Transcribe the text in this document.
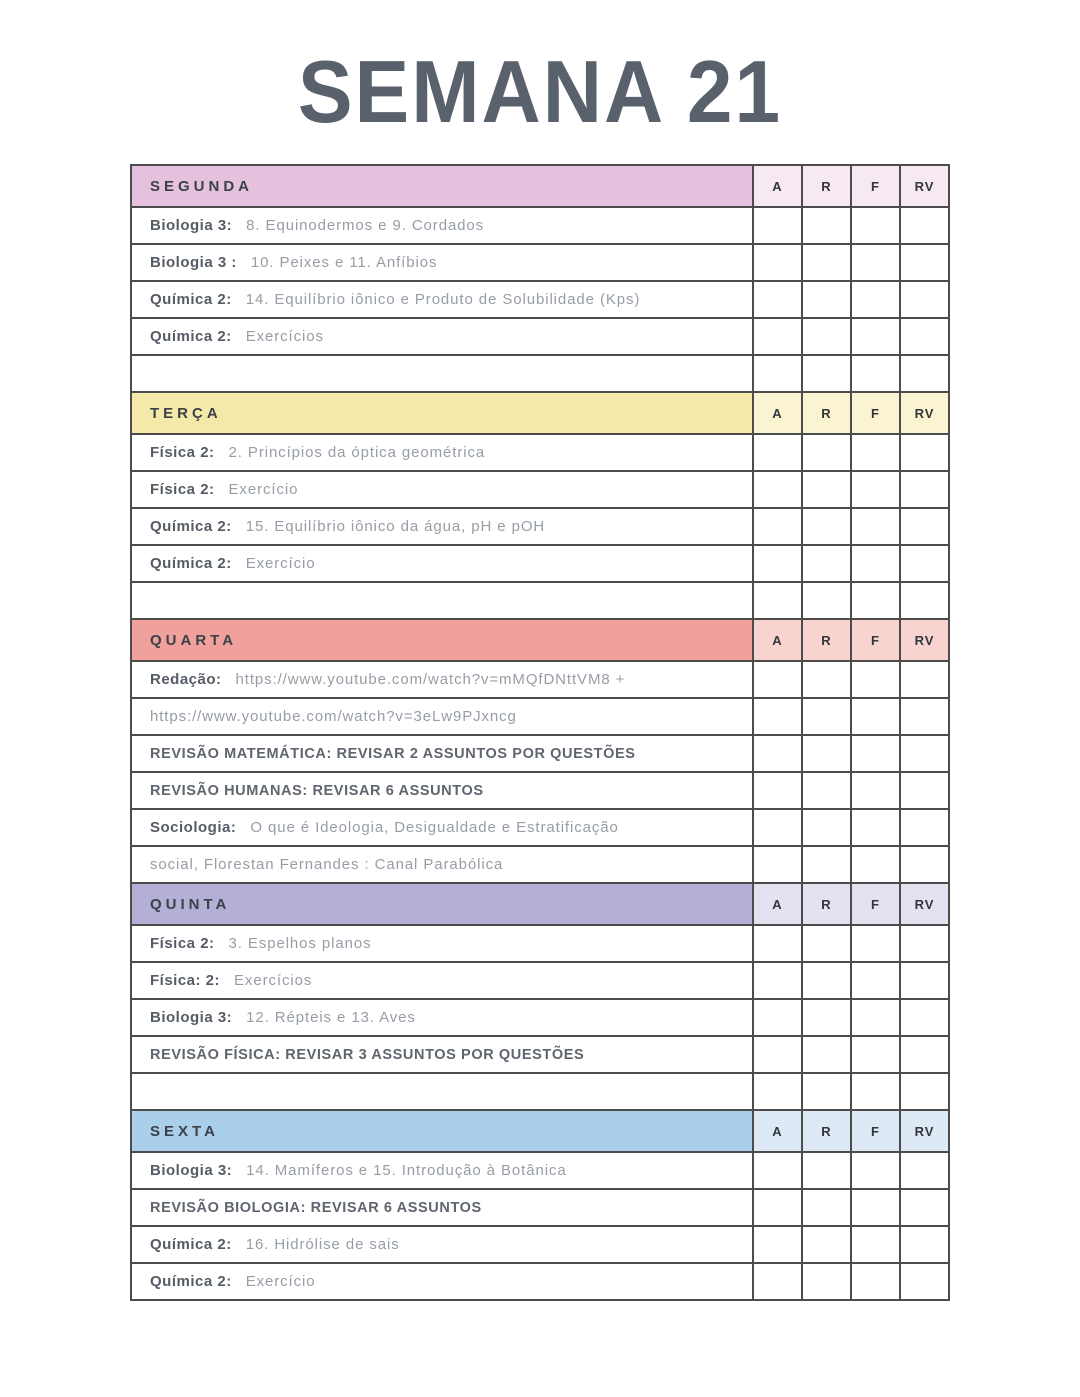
SEMANA 21
SEGUNDA	A	R	F	RV
Biologia 3: 8. Equinodermos e 9. Cordados				
Biologia 3 : 10. Peixes e 11. Anfíbios				
Química 2: 14. Equilíbrio iônico e Produto de Solubilidade (Kps)				
Química 2: Exercícios				

TERÇA	A	R	F	RV
Física 2: 2. Princípios da óptica geométrica				
Física 2: Exercício				
Química 2: 15. Equilíbrio iônico da água, pH e pOH				
Química 2: Exercício				

QUARTA	A	R	F	RV
Redação: https://www.youtube.com/watch?v=mMQfDNttVM8 +				
https://www.youtube.com/watch?v=3eLw9PJxncg				
REVISÃO MATEMÁTICA: REVISAR 2 ASSUNTOS POR QUESTÕES				
REVISÃO HUMANAS: REVISAR 6 ASSUNTOS				
Sociologia: O que é Ideologia, Desigualdade e Estratificação				
social, Florestan Fernandes : Canal Parabólica				
QUINTA	A	R	F	RV
Física 2: 3. Espelhos planos				
Física: 2: Exercícios				
Biologia 3: 12. Répteis e 13. Aves				
REVISÃO FÍSICA: REVISAR 3 ASSUNTOS POR QUESTÕES				

SEXTA	A	R	F	RV
Biologia 3: 14. Mamíferos e 15. Introdução à Botânica				
REVISÃO BIOLOGIA: REVISAR 6 ASSUNTOS				
Química 2: 16. Hidrólise de sais				
Química 2: Exercício				
